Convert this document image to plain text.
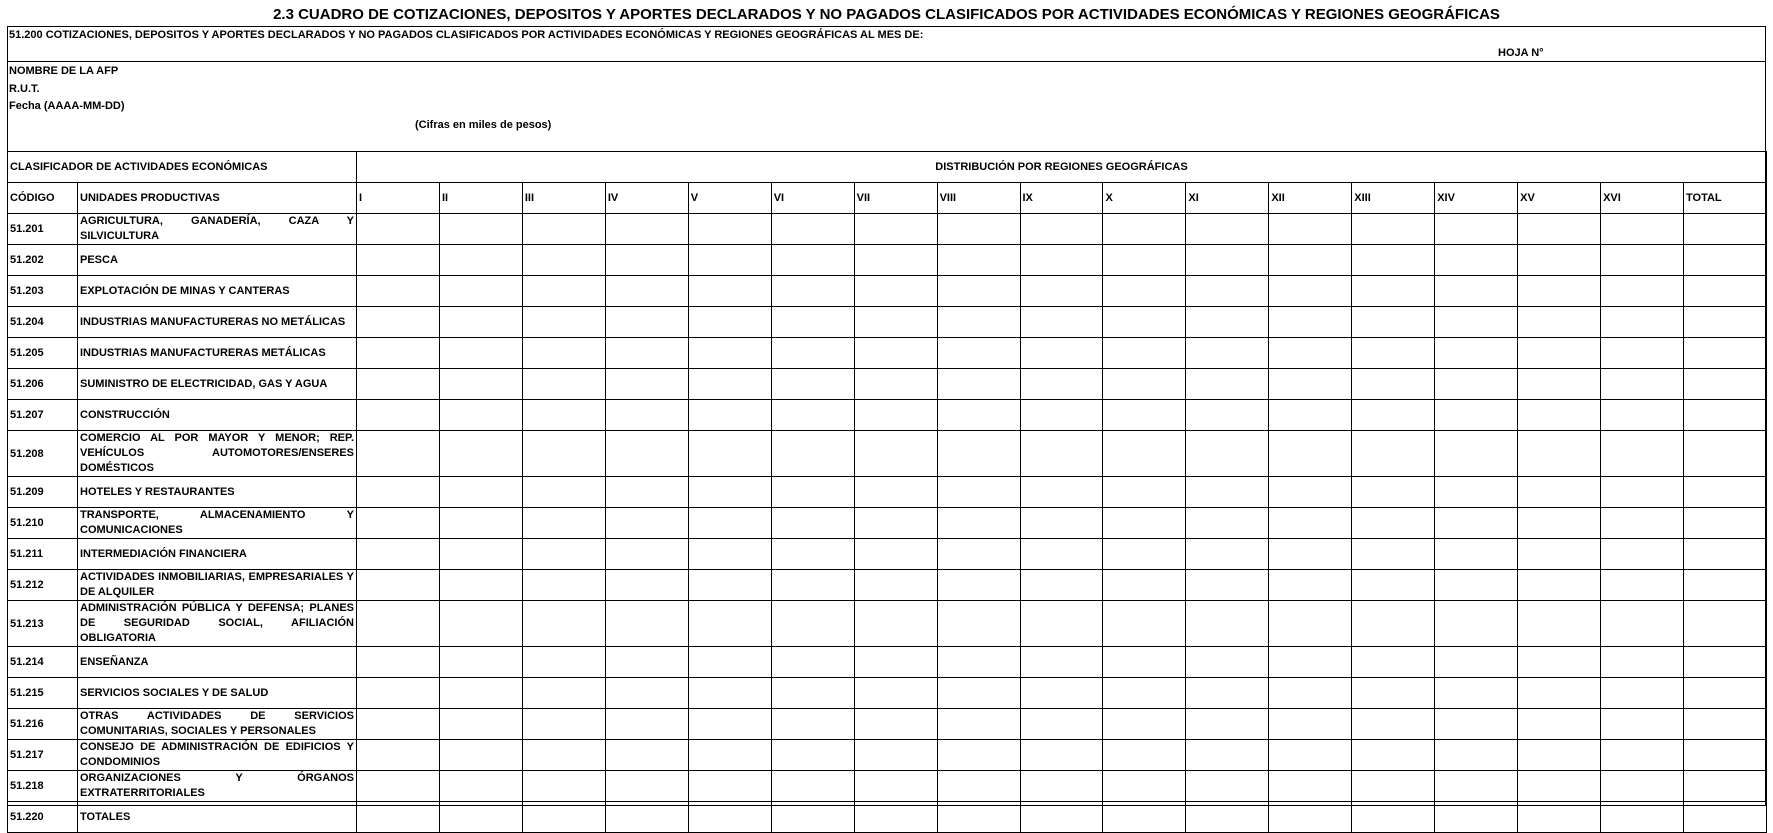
2.3 CUADRO DE COTIZACIONES, DEPOSITOS Y APORTES DECLARADOS Y NO PAGADOS CLASIFICADOS POR ACTIVIDADES ECONÓMICAS Y REGIONES GEOGRÁFICAS
51.200 COTIZACIONES, DEPOSITOS Y APORTES DECLARADOS Y NO PAGADOS CLASIFICADOS POR ACTIVIDADES ECONÓMICAS Y REGIONES GEOGRÁFICAS AL MES DE:
HOJA N°
NOMBRE DE LA AFP
R.U.T.
Fecha (AAAA-MM-DD)
(Cifras en miles de pesos)
CLASIFICADOR DE ACTIVIDADES ECONÓMICAS		DISTRIBUCIÓN POR REGIONES GEOGRÁFICAS																
CÓDIGO	UNIDADES PRODUCTIVAS	I	II	III	IV	V	VI	VII	VIII	IX	X	XI	XII	XIII	XIV	XV	XVI	TOTAL
51.201	AGRICULTURA, GANADERÍA, CAZA Y SILVICULTURA																	
51.202	PESCA																	
51.203	EXPLOTACIÓN DE MINAS Y CANTERAS																	
51.204	INDUSTRIAS MANUFACTURERAS NO METÁLICAS																	
51.205	INDUSTRIAS MANUFACTURERAS METÁLICAS																	
51.206	SUMINISTRO DE ELECTRICIDAD, GAS Y AGUA																	
51.207	CONSTRUCCIÓN																	
51.208	COMERCIO AL POR MAYOR Y MENOR; REP. VEHÍCULOS AUTOMOTORES/ENSERES DOMÉSTICOS																	
51.209	HOTELES Y RESTAURANTES																	
51.210	TRANSPORTE, ALMACENAMIENTO Y COMUNICACIONES																	
51.211	INTERMEDIACIÓN FINANCIERA																	
51.212	ACTIVIDADES INMOBILIARIAS, EMPRESARIALES Y DE ALQUILER																	
51.213	ADMINISTRACIÓN PÚBLICA Y DEFENSA; PLANES DE SEGURIDAD SOCIAL, AFILIACIÓN OBLIGATORIA																	
51.214	ENSEÑANZA																	
51.215	SERVICIOS SOCIALES Y DE SALUD																	
51.216	OTRAS ACTIVIDADES DE SERVICIOS COMUNITARIAS, SOCIALES Y PERSONALES																	
51.217	CONSEJO DE ADMINISTRACIÓN DE EDIFICIOS Y CONDOMINIOS																	
51.218	ORGANIZACIONES Y ÓRGANOS EXTRATERRITORIALES																	
51.220	TOTALES																	
